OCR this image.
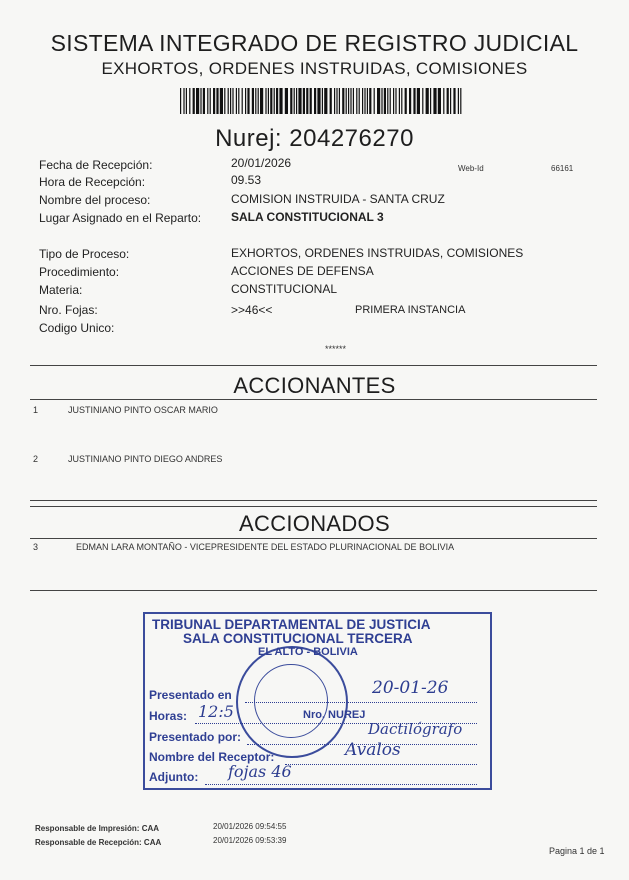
SISTEMA INTEGRADO DE REGISTRO JUDICIAL
EXHORTOS, ORDENES INSTRUIDAS, COMISIONES
Nurej: 204276270
Fecha de Recepción:	20/01/2026	Web-Id	66161
Hora de Recepción:	09.53
Nombre del proceso:	COMISION INSTRUIDA - SANTA CRUZ
Lugar Asignado en el Reparto: SALA CONSTITUCIONAL 3
Tipo de Proceso:	EXHORTOS, ORDENES INSTRUIDAS, COMISIONES
Procedimiento:	ACCIONES DE DEFENSA
Materia:	CONSTITUCIONAL
Nro. Fojas:	>>46<<	PRIMERA INSTANCIA
Codigo Unico:
******
ACCIONANTES
1	JUSTINIANO PINTO OSCAR MARIO
2	JUSTINIANO PINTO DIEGO ANDRES
ACCIONADOS
3	EDMAN LARA MONTAÑO - VICEPRESIDENTE DEL ESTADO PLURINACIONAL DE BOLIVIA
TRIBUNAL DEPARTAMENTAL DE JUSTICIA
SALA CONSTITUCIONAL TERCERA
EL ALTO - BOLIVIA
Presentado en	20-01-26
Horas: 12:5	Nro. NUREJ
Presentado por:	Dactilógrafo
Nombre del Receptor:	Avalos
Adjunto: fojas 46
Responsable de Impresión: CAA	20/01/2026 09:54:55
Responsable de Recepción: CAA	20/01/2026 09:53:39
Pagina 1 de 1
